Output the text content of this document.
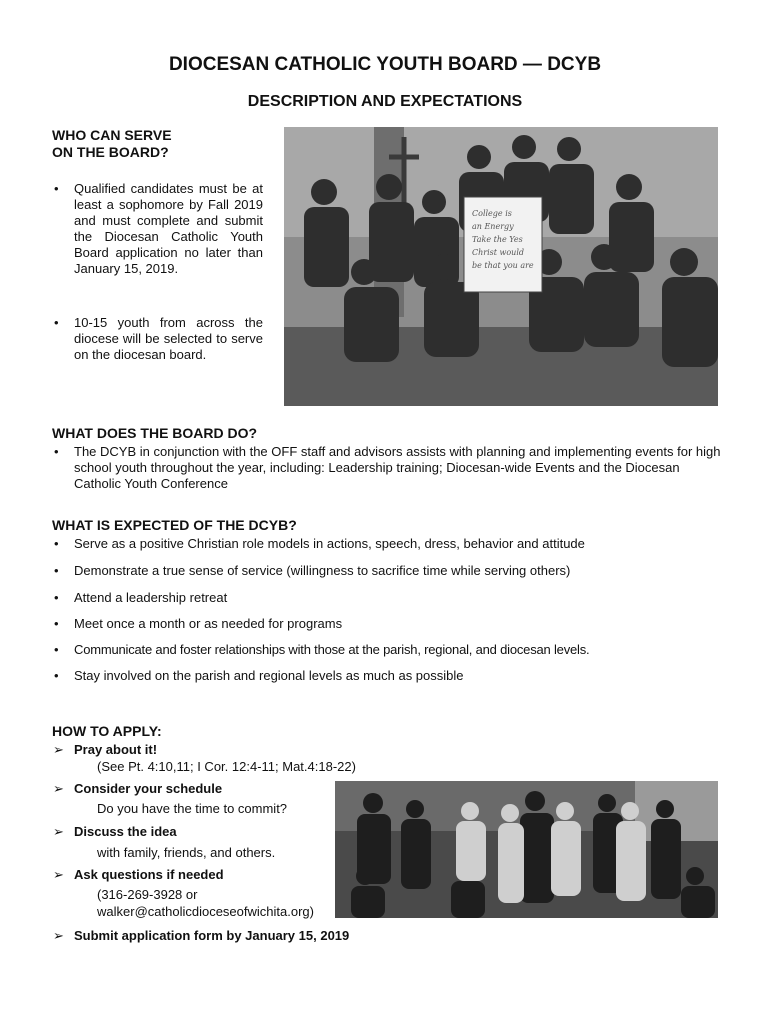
DIOCESAN CATHOLIC YOUTH BOARD — DCYB
DESCRIPTION AND EXPECTATIONS
WHO CAN SERVE
ON THE BOARD?
• Qualified candidates must be at least a sophomore by Fall 2019 and must complete and submit the Diocesan Catholic Youth Board application no later than January 15, 2019.
• 10-15 youth from across the diocese will be selected to serve on the diocesan board.
College is
an Energy
Take the Yes
Christ would
be that you are
WHAT DOES THE BOARD DO?
• The DCYB in conjunction with the OFF staff and advisors assists with planning and implementing events for high school youth throughout the year, including: Leadership training; Diocesan-wide Events and the Diocesan Catholic Youth Conference
WHAT IS EXPECTED OF THE DCYB?
• Serve as a positive Christian role models in actions, speech, dress, behavior and attitude
• Demonstrate a true sense of service (willingness to sacrifice time while serving others)
• Attend a leadership retreat
• Meet once a month or as needed for programs
• Communicate and foster relationships with those at the parish, regional, and diocesan levels.
• Stay involved on the parish and regional levels as much as possible
HOW TO APPLY:
➢ Pray about it!
(See Pt. 4:10,11; I Cor. 12:4-11; Mat.4:18-22)
➢ Consider your schedule
Do you have the time to commit?
➢ Discuss the idea
with family, friends, and others.
➢ Ask questions if needed
(316-269-3928 or
walker@catholicdioceseofwichita.org)
➢ Submit application form by January 15, 2019
